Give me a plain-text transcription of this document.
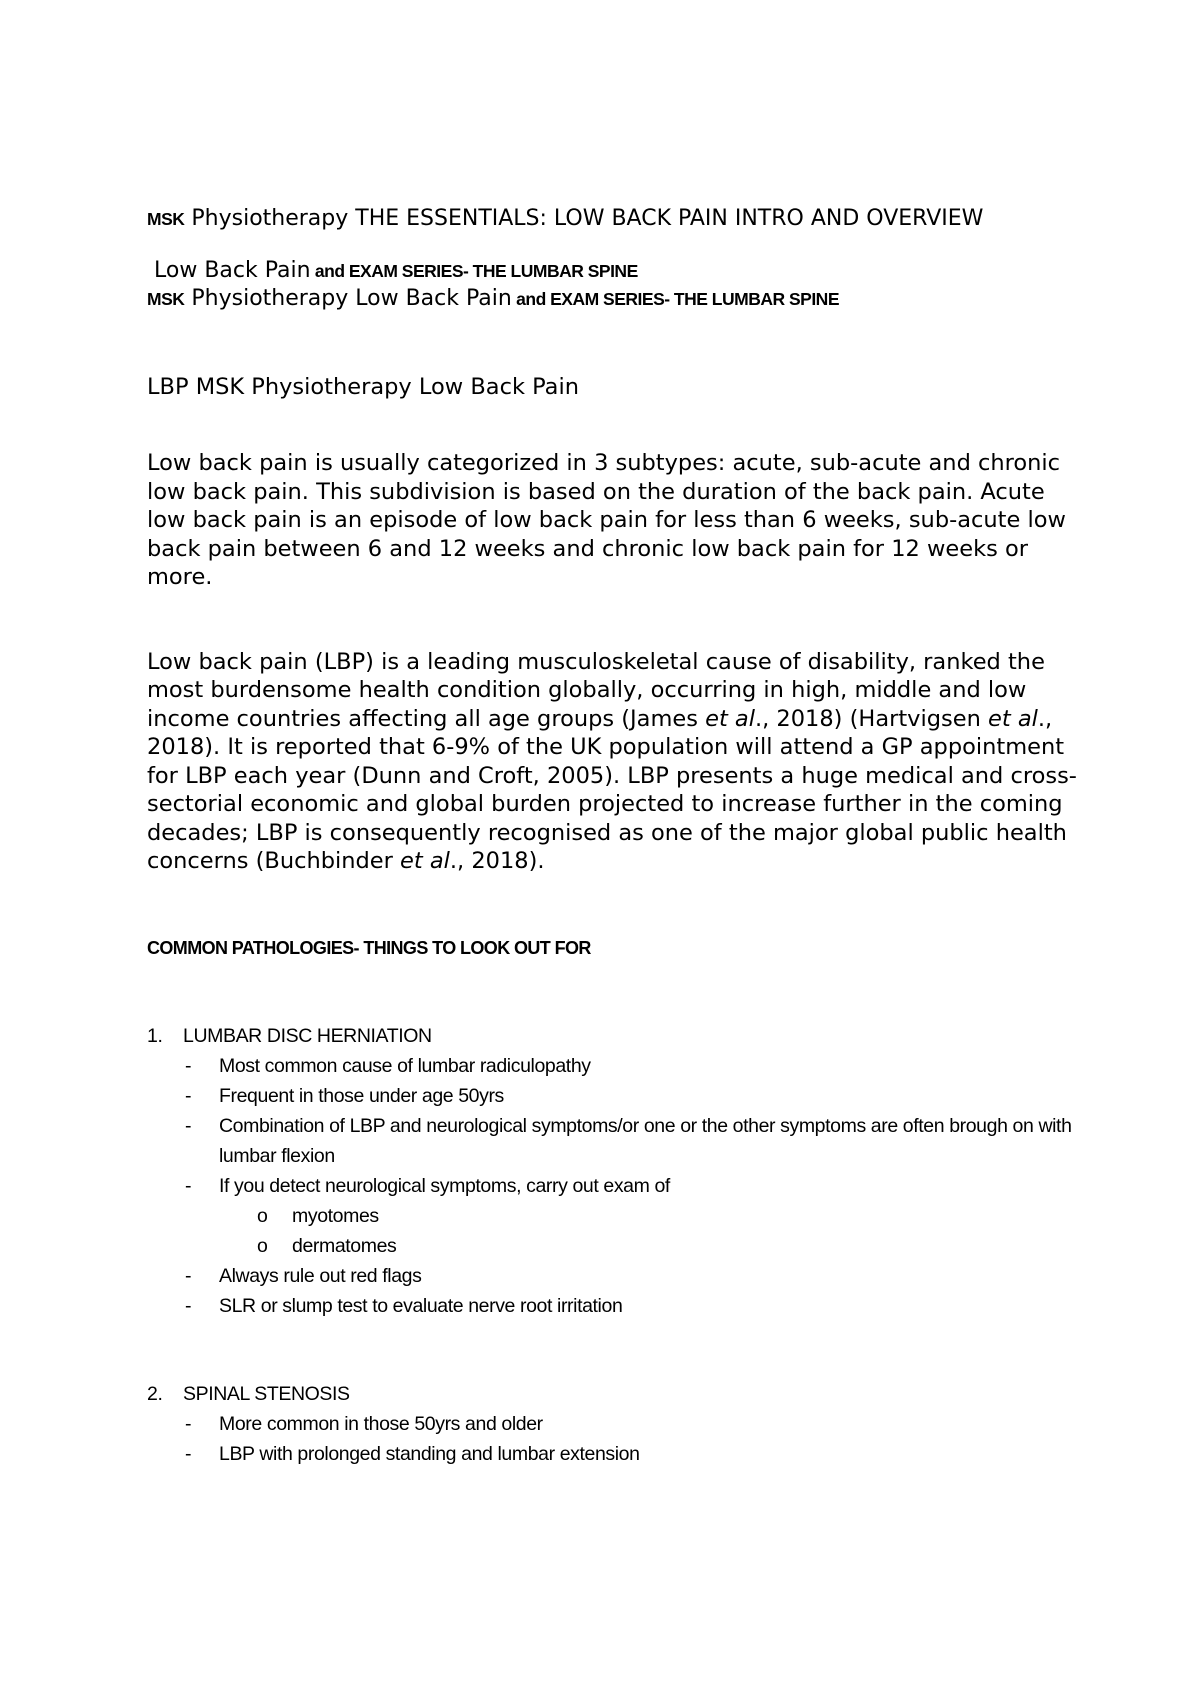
MSK Physiotherapy THE ESSENTIALS: LOW BACK PAIN INTRO AND OVERVIEW

Low Back Pain and EXAM SERIES- THE LUMBAR SPINE

MSK Physiotherapy Low Back Pain and EXAM SERIES- THE LUMBAR SPINE

LBP MSK Physiotherapy Low Back Pain

Low back pain is usually categorized in 3 subtypes: acute, sub-acute and chronic low back pain. This subdivision is based on the duration of the back pain. Acute low back pain is an episode of low back pain for less than 6 weeks, sub-acute low back pain between 6 and 12 weeks and chronic low back pain for 12 weeks or more.

Low back pain (LBP) is a leading musculoskeletal cause of disability, ranked the most burdensome health condition globally, occurring in high, middle and low income countries affecting all age groups (James et al., 2018) (Hartvigsen et al., 2018). It is reported that 6-9% of the UK population will attend a GP appointment for LBP each year (Dunn and Croft, 2005). LBP presents a huge medical and cross-sectorial economic and global burden projected to increase further in the coming decades; LBP is consequently recognised as one of the major global public health concerns (Buchbinder et al., 2018).

COMMON PATHOLOGIES- THINGS TO LOOK OUT FOR
1. LUMBAR DISC HERNIATION
- Most common cause of lumbar radiculopathy
- Frequent in those under age 50yrs
- Combination of LBP and neurological symptoms/or one or the other symptoms are often brough on with lumbar flexion
- If you detect neurological symptoms, carry out exam of
o myotomes
o dermatomes
- Always rule out red flags
- SLR or slump test to evaluate nerve root irritation
2. SPINAL STENOSIS
- More common in those 50yrs and older
- LBP with prolonged standing and lumbar extension
